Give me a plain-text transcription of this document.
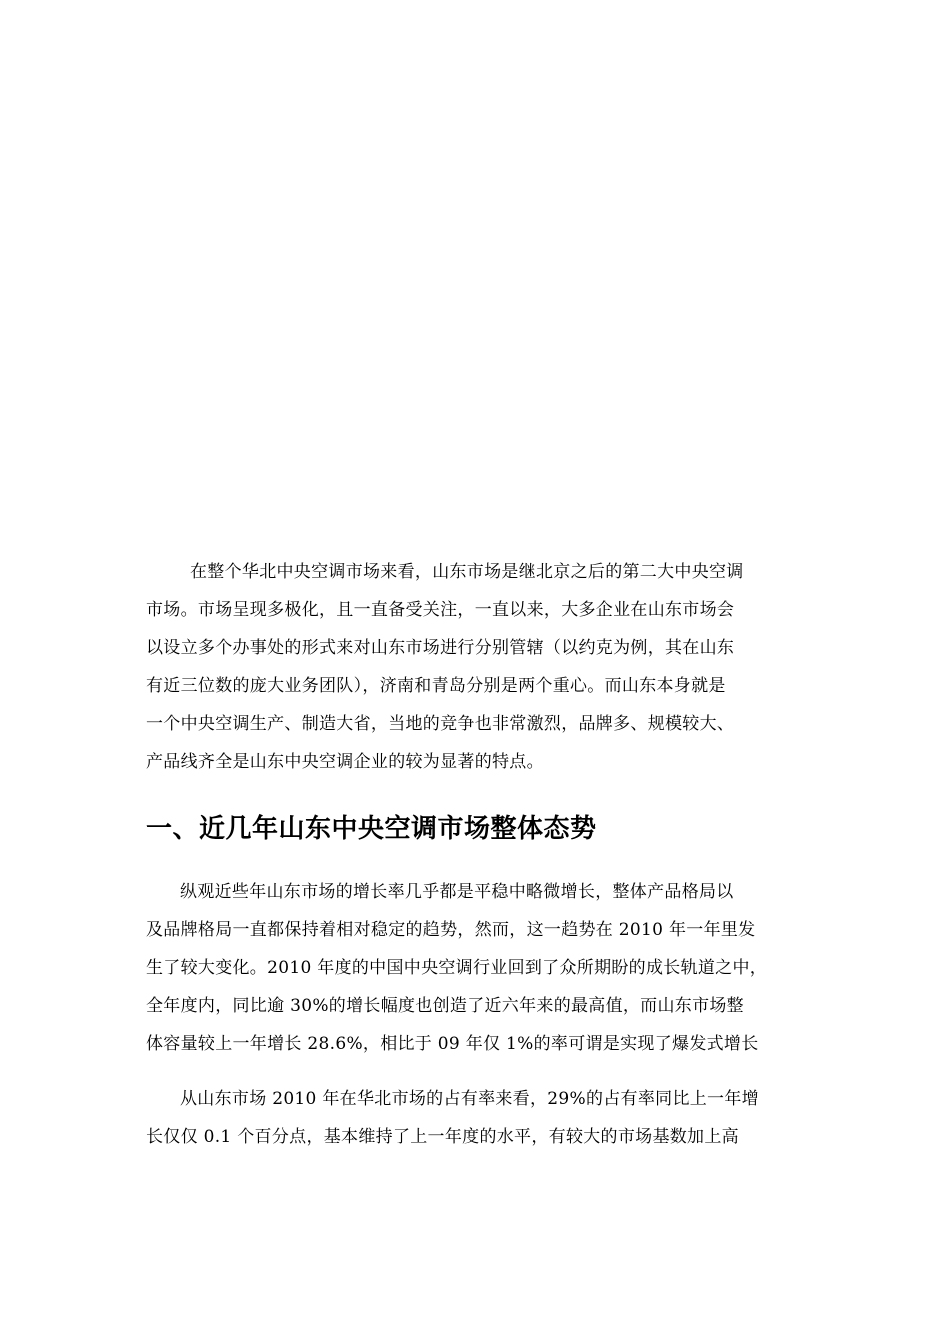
在整个华北中央空调市场来看，山东市场是继北京之后的第二大中央空调
市场。市场呈现多极化，且一直备受关注，一直以来，大多企业在山东市场会
以设立多个办事处的形式来对山东市场进行分别管辖（以约克为例，其在山东
有近三位数的庞大业务团队），济南和青岛分别是两个重心。而山东本身就是
一个中央空调生产、制造大省，当地的竞争也非常激烈，品牌多、规模较大、
产品线齐全是山东中央空调企业的较为显著的特点。
一、近几年山东中央空调市场整体态势
纵观近些年山东市场的增长率几乎都是平稳中略微增长，整体产品格局以
及品牌格局一直都保持着相对稳定的趋势，然而，这一趋势在 2010 年一年里发
生了较大变化。2010 年度的中国中央空调行业回到了众所期盼的成长轨道之中，
全年度内，同比逾 30%的增长幅度也创造了近六年来的最高值，而山东市场整
体容量较上一年增长 28.6%，相比于 09 年仅 1%的率可谓是实现了爆发式增长
从山东市场 2010 年在华北市场的占有率来看，29%的占有率同比上一年增
长仅仅 0.1 个百分点，基本维持了上一年度的水平，有较大的市场基数加上高
